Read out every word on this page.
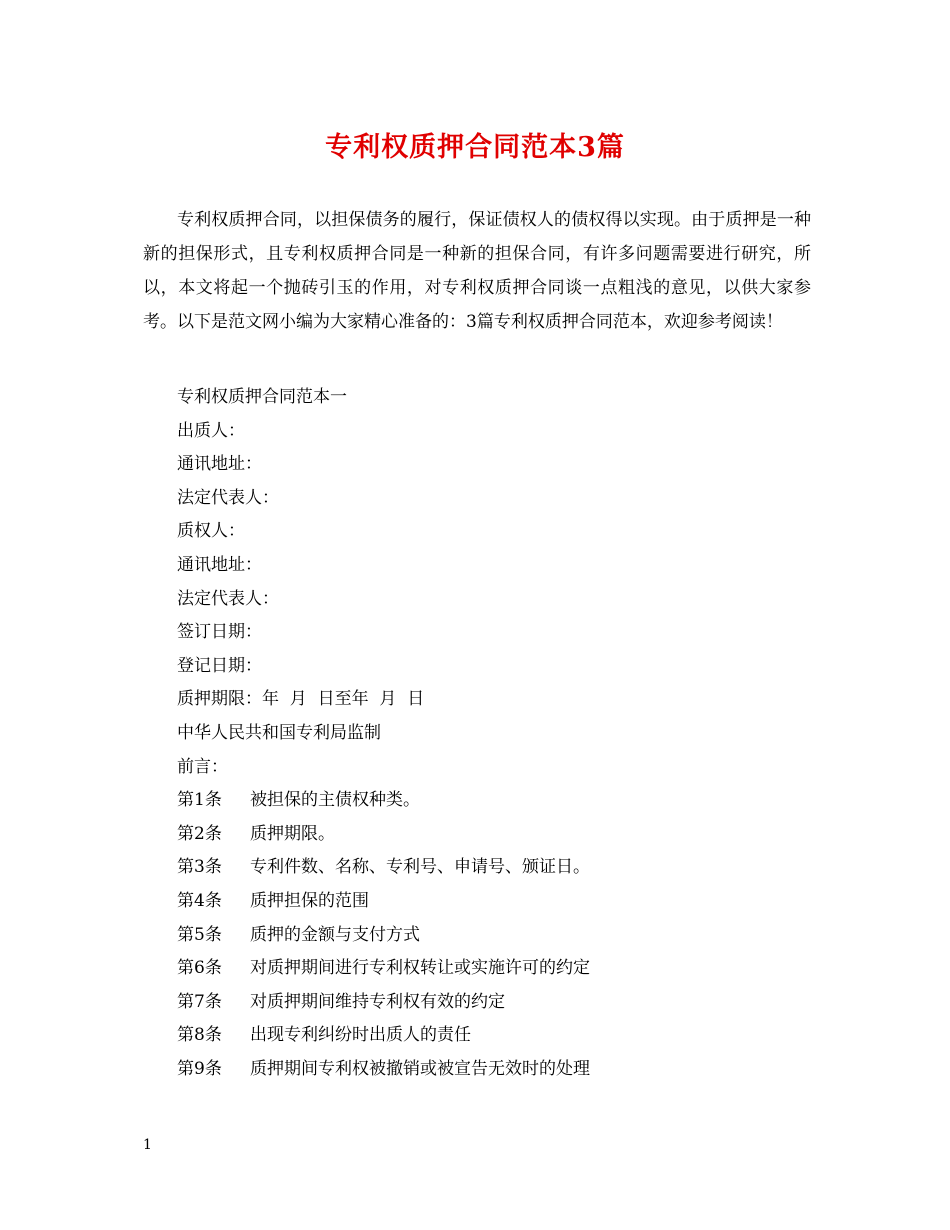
专利权质押合同范本3篇

专利权质押合同，以担保债务的履行，保证债权人的债权得以实现。由于质押是一种新的担保形式，且专利权质押合同是一种新的担保合同，有许多问题需要进行研究，所以，本文将起一个抛砖引玉的作用，对专利权质押合同谈一点粗浅的意见，以供大家参考。以下是范文网小编为大家精心准备的：3篇专利权质押合同范本，欢迎参考阅读！

专利权质押合同范本一
出质人：
通讯地址：
法定代表人：
质权人：
通讯地址：
法定代表人：
签订日期：
登记日期：
质押期限：年  月  日至年  月  日
中华人民共和国专利局监制
前言：
第1条 被担保的主债权种类。
第2条 质押期限。
第3条 专利件数、名称、专利号、申请号、颁证日。
第4条 质押担保的范围
第5条 质押的金额与支付方式
第6条 对质押期间进行专利权转让或实施许可的约定
第7条 对质押期间维持专利权有效的约定
第8条 出现专利纠纷时出质人的责任
第9条 质押期间专利权被撤销或被宣告无效时的处理
1
